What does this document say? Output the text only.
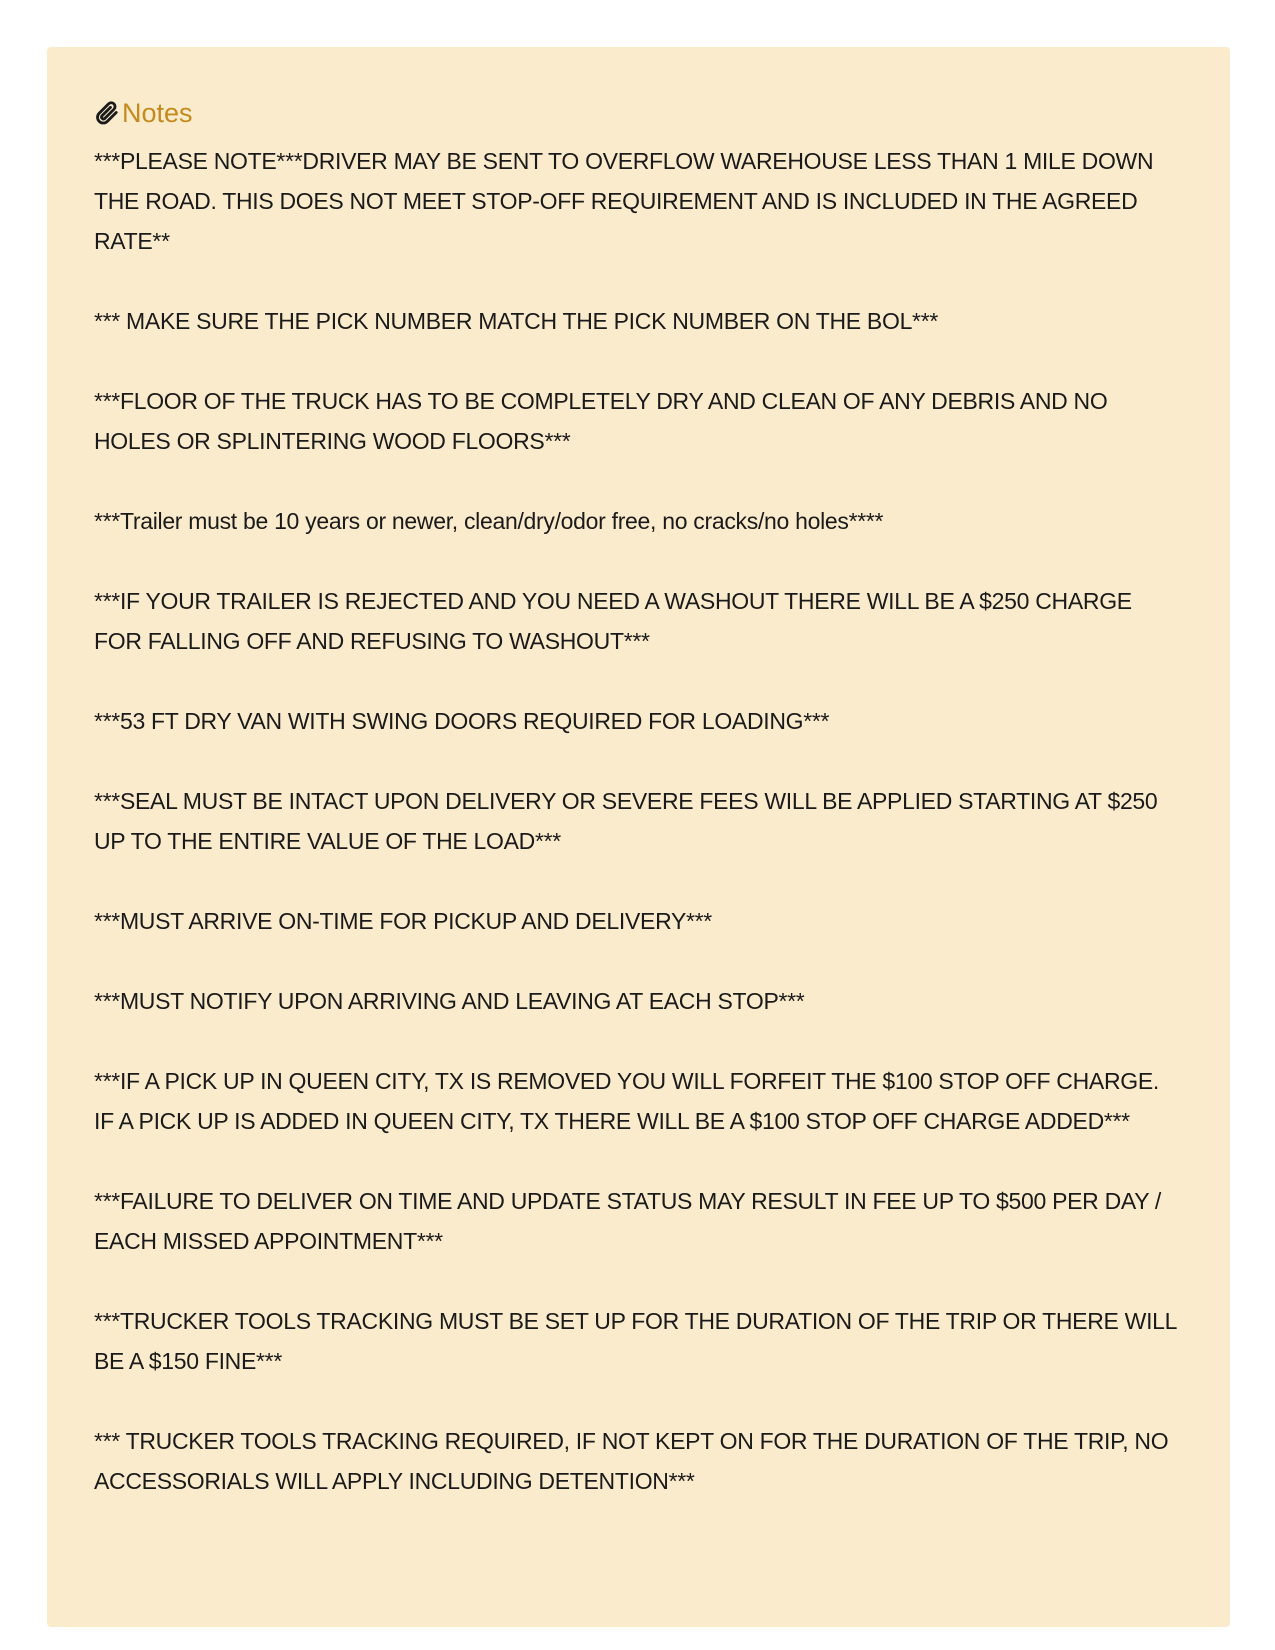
Notes

***PLEASE NOTE***DRIVER MAY BE SENT TO OVERFLOW WAREHOUSE LESS THAN 1 MILE DOWN THE ROAD. THIS DOES NOT MEET STOP-OFF REQUIREMENT AND IS INCLUDED IN THE AGREED RATE**

*** MAKE SURE THE PICK NUMBER MATCH THE PICK NUMBER ON THE BOL***

***FLOOR OF THE TRUCK HAS TO BE COMPLETELY DRY AND CLEAN OF ANY DEBRIS AND NO HOLES OR SPLINTERING WOOD FLOORS***

***Trailer must be 10 years or newer, clean/dry/odor free, no cracks/no holes****

***IF YOUR TRAILER IS REJECTED AND YOU NEED A WASHOUT THERE WILL BE A $250 CHARGE FOR FALLING OFF AND REFUSING TO WASHOUT***

***53 FT DRY VAN WITH SWING DOORS REQUIRED FOR LOADING***

***SEAL MUST BE INTACT UPON DELIVERY OR SEVERE FEES WILL BE APPLIED STARTING AT $250 UP TO THE ENTIRE VALUE OF THE LOAD***

***MUST ARRIVE ON-TIME FOR PICKUP AND DELIVERY***

***MUST NOTIFY UPON ARRIVING AND LEAVING AT EACH STOP***

***IF A PICK UP IN QUEEN CITY, TX IS REMOVED YOU WILL FORFEIT THE $100 STOP OFF CHARGE. IF A PICK UP IS ADDED IN QUEEN CITY, TX THERE WILL BE A $100 STOP OFF CHARGE ADDED***

***FAILURE TO DELIVER ON TIME AND UPDATE STATUS MAY RESULT IN FEE UP TO $500 PER DAY / EACH MISSED APPOINTMENT***

***TRUCKER TOOLS TRACKING MUST BE SET UP FOR THE DURATION OF THE TRIP OR THERE WILL BE A $150 FINE***

*** TRUCKER TOOLS TRACKING REQUIRED, IF NOT KEPT ON FOR THE DURATION OF THE TRIP, NO ACCESSORIALS WILL APPLY INCLUDING DETENTION***
